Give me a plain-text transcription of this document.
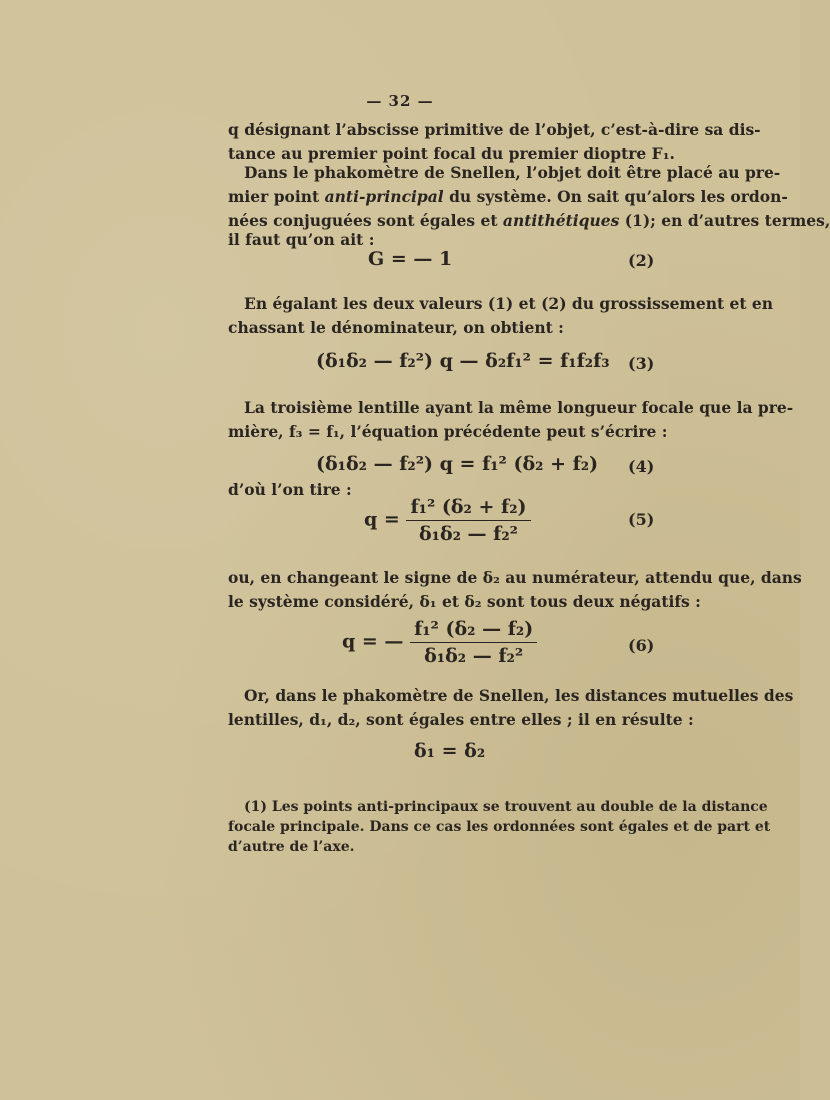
— 32 —
q désignant l’abscisse primitive de l’objet, c’est-à-dire sa dis-
tance au premier point focal du premier dioptre F₁.
Dans le phakomètre de Snellen, l’objet doit être placé au pre-
mier point anti-principal du système. On sait qu’alors les ordon-
nées conjuguées sont égales et antithétiques (1); en d’autres termes,
il faut qu’on ait :
G = — 1	(2)
En égalant les deux valeurs (1) et (2) du grossissement et en
chassant le dénominateur, on obtient :
(δ₁δ₂ — f₂²) q — δ₂f₁² = f₁f₂f₃ (3)
La troisième lentille ayant la même longueur focale que la pre-
mière, f₃ = f₁, l’équation précédente peut s’écrire :
(δ₁δ₂ — f₂²) q = f₁² (δ₂ + f₂) (4)
d’où l’on tire :
$q = \frac{\text{f₁² (δ₂ + f₂)}}{\text{δ₁δ₂ — f₂²}}$	(5)
ou, en changeant le signe de δ₂ au numérateur, attendu que, dans
le système considéré, δ₁ et δ₂ sont tous deux négatifs :
q = — $\frac{\text{f₁² (δ₂ — f₂)}}{\text{δ₁δ₂ — f₂²}}$	(6)
Or, dans le phakomètre de Snellen, les distances mutuelles des
lentilles, d₁, d₂, sont égales entre elles ; il en résulte :
δ₁ = δ₂
(1) Les points anti-principaux se trouvent au double de la distance
focale principale. Dans ce cas les ordonnées sont égales et de part et
d’autre de l’axe.
